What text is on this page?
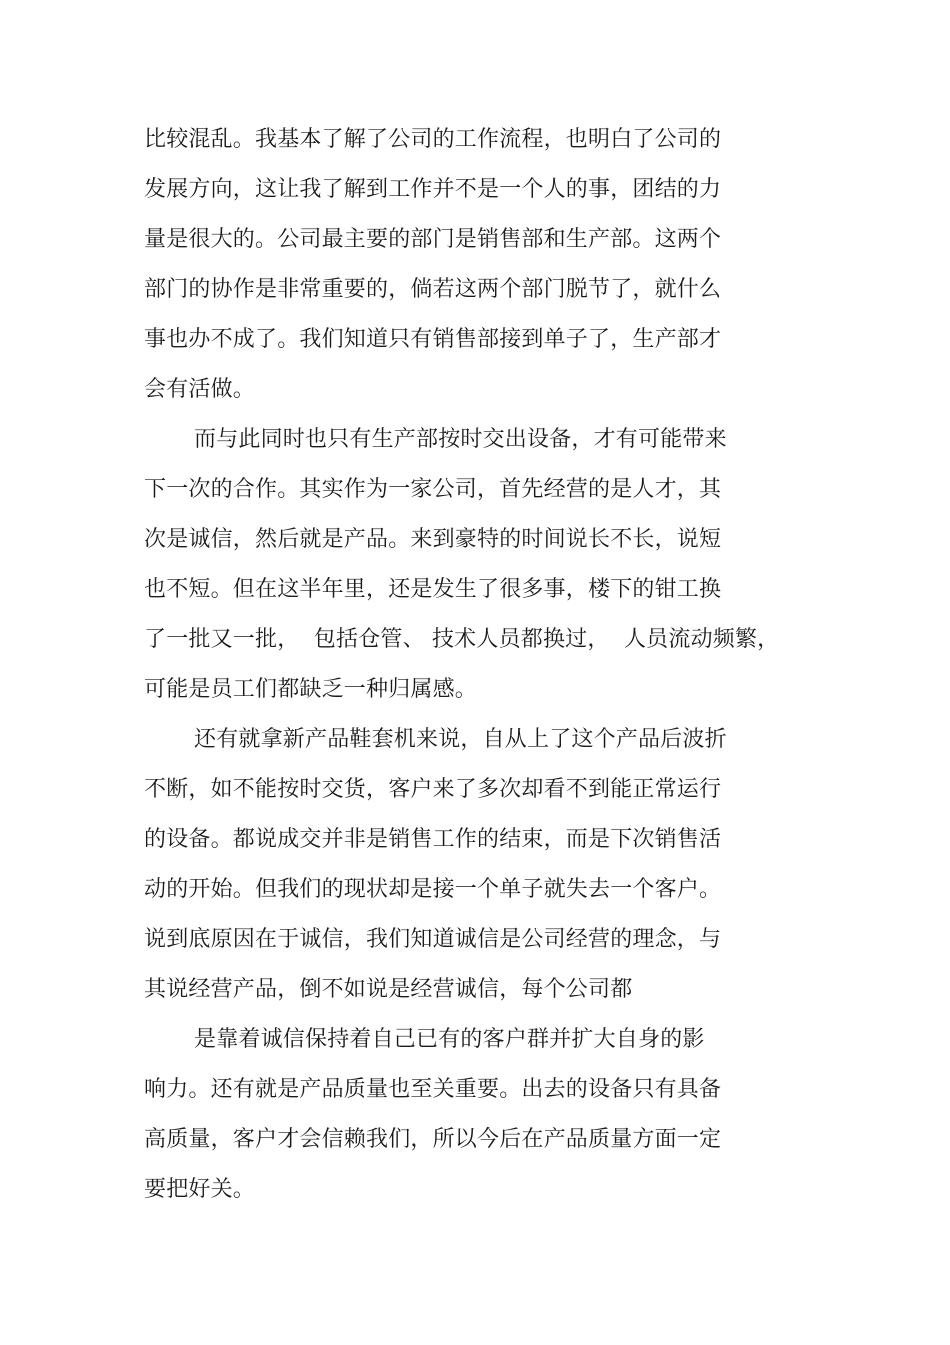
比较混乱。我基本了解了公司的工作流程，也明白了公司的
发展方向，这让我了解到工作并不是一个人的事，团结的力
量是很大的。公司最主要的部门是销售部和生产部。这两个
部门的协作是非常重要的，倘若这两个部门脱节了，就什么
事也办不成了。我们知道只有销售部接到单子了，生产部才
会有活做。
而与此同时也只有生产部按时交出设备，才有可能带来
下一次的合作。其实作为一家公司，首先经营的是人才，其
次是诚信，然后就是产品。来到豪特的时间说长不长，说短
也不短。但在这半年里，还是发生了很多事，楼下的钳工换
了一批又一批，  包括仓管、 技术人员都换过，  人员流动频繁，
可能是员工们都缺乏一种归属感。
还有就拿新产品鞋套机来说，自从上了这个产品后波折
不断，如不能按时交货，客户来了多次却看不到能正常运行
的设备。都说成交并非是销售工作的结束，而是下次销售活
动的开始。但我们的现状却是接一个单子就失去一个客户。
说到底原因在于诚信，我们知道诚信是公司经营的理念，与
其说经营产品，倒不如说是经营诚信，每个公司都
是靠着诚信保持着自己已有的客户群并扩大自身的影
响力。还有就是产品质量也至关重要。出去的设备只有具备
高质量，客户才会信赖我们，所以今后在产品质量方面一定
要把好关。
